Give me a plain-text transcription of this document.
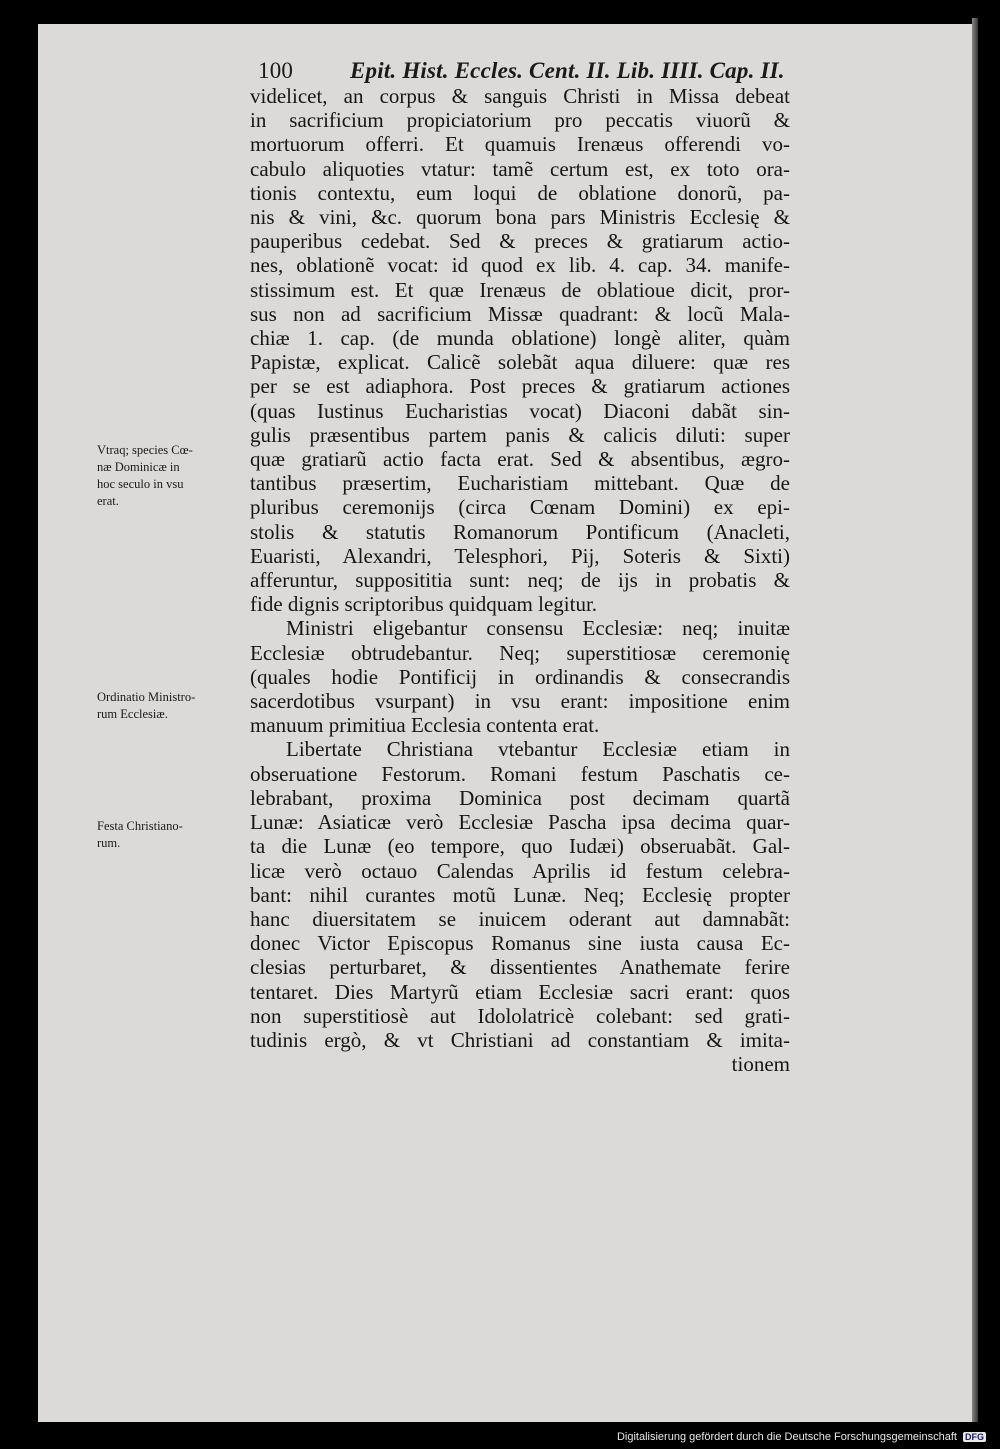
100 Epit. Hist. Eccles. Cent. II. Lib. IIII. Cap. II.
videlicet, an corpus & sanguis Christi in Missa debeat
in sacrificium propiciatorium pro peccatis viuorũ &
mortuorum offerri. Et quamuis Irenæus offerendi vo-
cabulo aliquoties vtatur: tamẽ certum est, ex toto ora-
tionis contextu, eum loqui de oblatione donorũ, pa-
nis & vini, &c. quorum bona pars Ministris Ecclesię &
pauperibus cedebat. Sed & preces & gratiarum actio-
nes, oblationẽ vocat: id quod ex lib. 4. cap. 34. manife-
stissimum est. Et quæ Irenæus de oblatioue dicit, pror-
sus non ad sacrificium Missæ quadrant: & locũ Mala-
chiæ 1. cap. (de munda oblatione) longè aliter, quàm
Papistæ, explicat. Calicẽ solebãt aqua diluere: quæ res
per se est adiaphora. Post preces & gratiarum actiones
(quas Iustinus Eucharistias vocat) Diaconi dabãt sin-
gulis præsentibus partem panis & calicis diluti: super
quæ gratiarũ actio facta erat. Sed & absentibus, ægro-
tantibus præsertim, Eucharistiam mittebant. Quæ de
pluribus ceremonijs (circa Cœnam Domini) ex epi-
stolis & statutis Romanorum Pontificum (Anacleti,
Euaristi, Alexandri, Telesphori, Pij, Soteris & Sixti)
afferuntur, supposititia sunt: neq; de ijs in probatis &
fide dignis scriptoribus quidquam legitur.
Ministri eligebantur consensu Ecclesiæ: neq; inuitæ
Ecclesiæ obtrudebantur. Neq; superstitiosæ ceremonię
(quales hodie Pontificij in ordinandis & consecrandis
sacerdotibus vsurpant) in vsu erant: impositione enim
manuum primitiua Ecclesia contenta erat.
Libertate Christiana vtebantur Ecclesiæ etiam in
obseruatione Festorum. Romani festum Paschatis ce-
lebrabant, proxima Dominica post decimam quartã
Lunæ: Asiaticæ verò Ecclesiæ Pascha ipsa decima quar-
ta die Lunæ (eo tempore, quo Iudæi) obseruabãt. Gal-
licæ verò octauo Calendas Aprilis id festum celebra-
bant: nihil curantes motũ Lunæ. Neq; Ecclesię propter
hanc diuersitatem se inuicem oderant aut damnabãt:
donec Victor Episcopus Romanus sine iusta causa Ec-
clesias perturbaret, & dissentientes Anathemate ferire
tentaret. Dies Martyrũ etiam Ecclesiæ sacri erant: quos
non superstitiosè aut Idololatricè colebant: sed grati-
tudinis ergò, & vt Christiani ad constantiam & imita-
tionem
Vtraq; species Cœ-
næ Dominicæ in
hoc seculo in vsu
erat.
Ordinatio Ministro-
rum Ecclesiæ.
Festa Christiano-
rum.
Digitalisierung gefördert durch die Deutsche Forschungsgemeinschaft DFG
